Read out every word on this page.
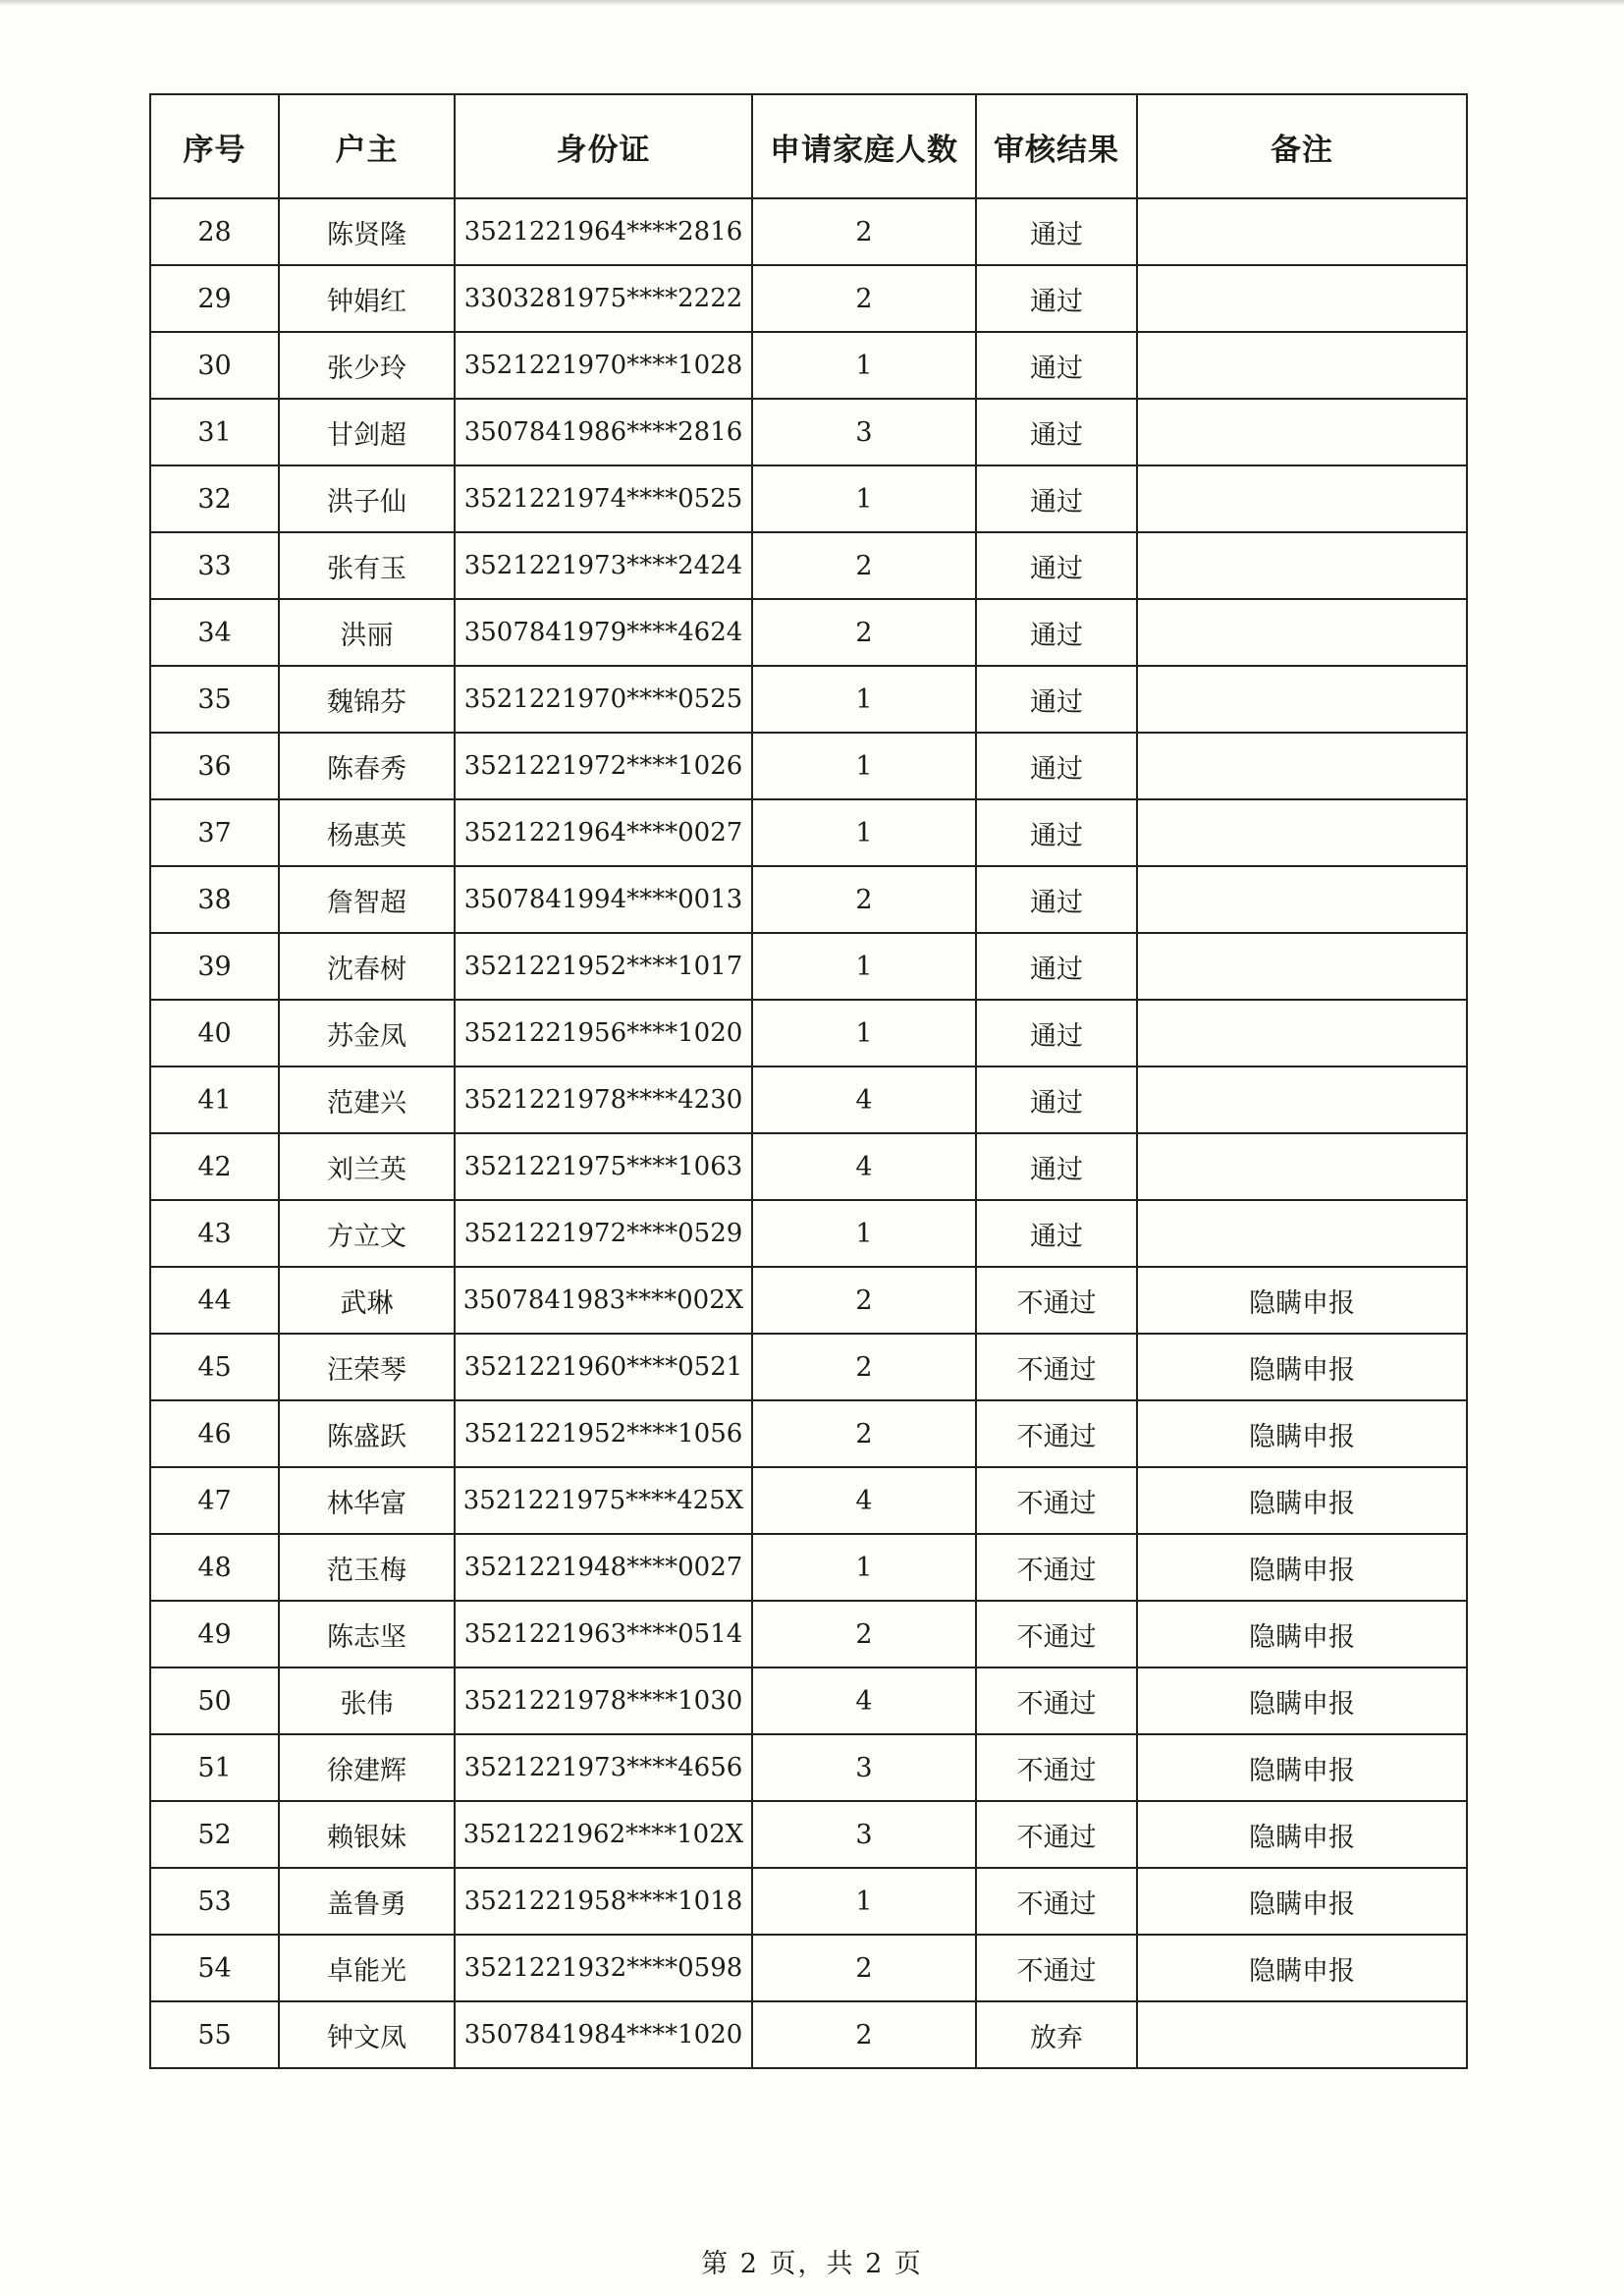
序号	户主	身份证	申请家庭人数	审核结果	备注
28	陈贤隆	3521221964****2816	2	通过	
29	钟娟红	3303281975****2222	2	通过	
30	张少玲	3521221970****1028	1	通过	
31	甘剑超	3507841986****2816	3	通过	
32	洪子仙	3521221974****0525	1	通过	
33	张有玉	3521221973****2424	2	通过	
34	洪丽	3507841979****4624	2	通过	
35	魏锦芬	3521221970****0525	1	通过	
36	陈春秀	3521221972****1026	1	通过	
37	杨惠英	3521221964****0027	1	通过	
38	詹智超	3507841994****0013	2	通过	
39	沈春树	3521221952****1017	1	通过	
40	苏金凤	3521221956****1020	1	通过	
41	范建兴	3521221978****4230	4	通过	
42	刘兰英	3521221975****1063	4	通过	
43	方立文	3521221972****0529	1	通过	
44	武琳	3507841983****002X	2	不通过	隐瞒申报
45	汪荣琴	3521221960****0521	2	不通过	隐瞒申报
46	陈盛跃	3521221952****1056	2	不通过	隐瞒申报
47	林华富	3521221975****425X	4	不通过	隐瞒申报
48	范玉梅	3521221948****0027	1	不通过	隐瞒申报
49	陈志坚	3521221963****0514	2	不通过	隐瞒申报
50	张伟	3521221978****1030	4	不通过	隐瞒申报
51	徐建辉	3521221973****4656	3	不通过	隐瞒申报
52	赖银妹	3521221962****102X	3	不通过	隐瞒申报
53	盖鲁勇	3521221958****1018	1	不通过	隐瞒申报
54	卓能光	3521221932****0598	2	不通过	隐瞒申报
55	钟文凤	3507841984****1020	2	放弃	
第 2 页，共 2 页
